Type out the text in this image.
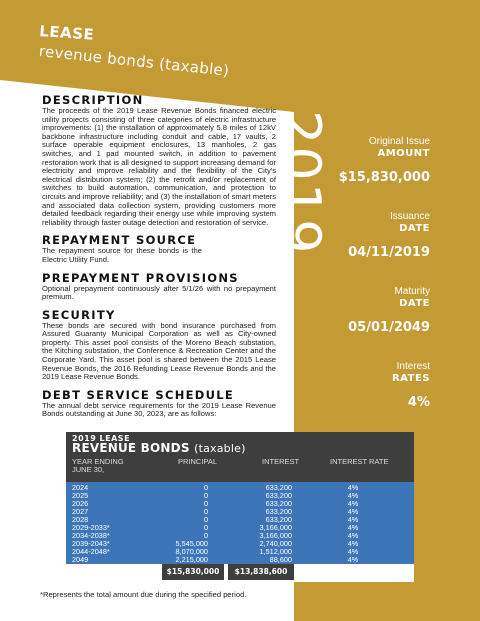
LEASE
revenue bonds (taxable)
2019
DESCRIPTION

The proceeds of the 2019 Lease Revenue Bonds financed electric utility projects consisting of three categories of electric infrastructure improvements: (1) the installation of approximately 5.8 miles of 12kV backbone infrastructure including conduit and cable, 17 vaults, 2 surface operable equipment enclosures, 13 manholes, 2 gas switches, and 1 pad mounted switch, in addition to pavement restoration work that is all designed to support increasing demand for electricity and improve reliability and the flexibility of the City's electrical distribution system; (2) the retrofit and/or replacement of switches to build automation, communication, and protection to circuits and improve reliability; and (3) the installation of smart meters and associated data collection system, providing customers more detailed feedback regarding their energy use while improving system reliability through faster outage detection and restoration of service.

REPAYMENT SOURCE

The repayment source for these bonds is the Electric Utility Fund.

PREPAYMENT PROVISIONS

Optional prepayment continuously after 5/1/26 with no prepayment premium.

SECURITY

These bonds are secured with bond insurance purchased from Assured Guaranty Municipal Corporation as well as City-owned property. This asset pool consists of the Moreno Beach substation, the Kitching substation, the Conference & Recreation Center and the Corporate Yard. This asset pool is shared between the 2015 Lease Revenue Bonds, the 2016 Refunding Lease Revenue Bonds and the 2019 Lease Revenue Bonds.

DEBT SERVICE SCHEDULE

The annual debt service requirements for the 2019 Lease Revenue Bonds outstanding at June 30, 2023, are as follows:

Original Issue
AMOUNT
$15,830,000
Issuance
DATE
04/11/2019
Maturity
DATE
05/01/2049
Interest
RATES
4%
2019 LEASE
REVENUE BONDS (taxable)
YEAR ENDING JUNE 30,
PRINCIPAL	INTEREST	INTEREST RATE
2024	0	633,200	4%
2025	0	633,200	4%
2026	0	633,200	4%
2027	0	633,200	4%
2028	0	633,200	4%
2029-2033*	0	3,166,000	4%
2034-2038*	0	3,166,000	4%
2039-2043*	5,545,000	2,740,000	4%
2044-2048*	8,070,000	1,512,000	4%
2049	2,215,000	88,600	4%
$15,830,000	$13,838,600
*Represents the total amount due during the specified period.
